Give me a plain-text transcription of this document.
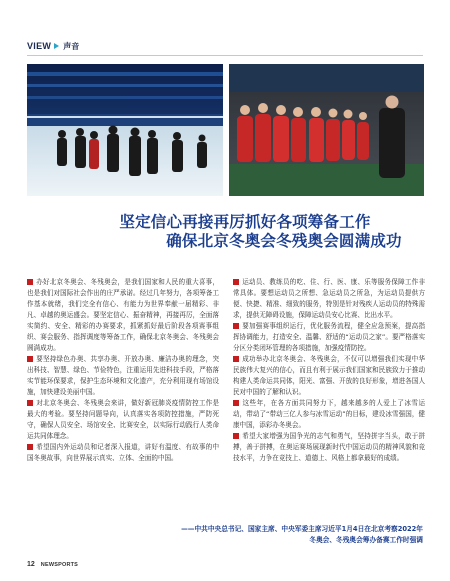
VIEW 声音
坚定信心再接再厉抓好各项筹备工作
确保北京冬奥会冬残奥会圆满成功

办好北京冬奥会、冬残奥会，是我们国家和人民的重大喜事，也是我们对国际社会作出的庄严承诺。经过几年努力，各项筹备工作基本就绪，我们完全有信心、有能力为世界奉献一届精彩、非凡、卓越的奥运盛会。要坚定信心、振奋精神，再接再厉，全面落实简约、安全、精彩的办赛要求，抓紧抓好最后阶段各项赛事组织、赛会服务、指挥调度等筹备工作，确保北京冬奥会、冬残奥会圆满成功。

要坚持绿色办奥、共享办奥、开放办奥、廉洁办奥的理念，突出科技、智慧、绿色、节俭特色，注重运用先进科技手段，严格落实节能环保要求，保护生态环境和文化遗产，充分利用现有场馆设施，加快建设美丽中国。

对北京冬奥会、冬残奥会来讲，做好新冠肺炎疫情防控工作是最大的考验。要坚持问题导向，认真落实各项防控措施，严防死守，确保人员安全、场馆安全、比赛安全，以实际行动践行人类命运共同体理念。

希望国内外运动员和记者深入报道，讲好有温度、有故事的中国冬奥故事，向世界展示真实、立体、全面的中国。

运动员、教练员的吃、住、行、医、康、乐等服务保障工作非常具体。要想运动员之所想、急运动员之所急，为运动员提供方便、快捷、精准、细致的服务，特别是针对残疾人运动员的特殊需求，提供无障碍设施，保障运动员安心比赛、比出水平。

要加强赛事组织运行，优化服务流程，健全应急预案，提高指挥协调能力，打造安全、温馨、舒适的“运动员之家”。要严格落实分区分类闭环管理的各项措施，加强疫情防控。

成功举办北京冬奥会、冬残奥会，不仅可以增强我们实现中华民族伟大复兴的信心，而且有利于展示我们国家和民族致力于推动构建人类命运共同体，阳光、富强、开放的良好形象，增进各国人民对中国的了解和认识。

这些年，在各方面共同努力下，越来越多的人爱上了冰雪运动，带动了“带动三亿人参与冰雪运动”的目标，建设冰雪强国，健康中国，添彩办冬奥会。

希望大家增强为国争光的志气和勇气，坚持拼字当头，敢于拼搏，善于拼搏，在奥运赛场展现新时代中国运动员的精神风貌和竞技水平，力争在竞技上、道德上、风格上都拿最好的成绩。

——中共中央总书记、国家主席、中央军委主席习近平1月4日在北京考察2022年
冬奥会、冬残奥会筹办备赛工作时强调
12 NEWSPORTS
